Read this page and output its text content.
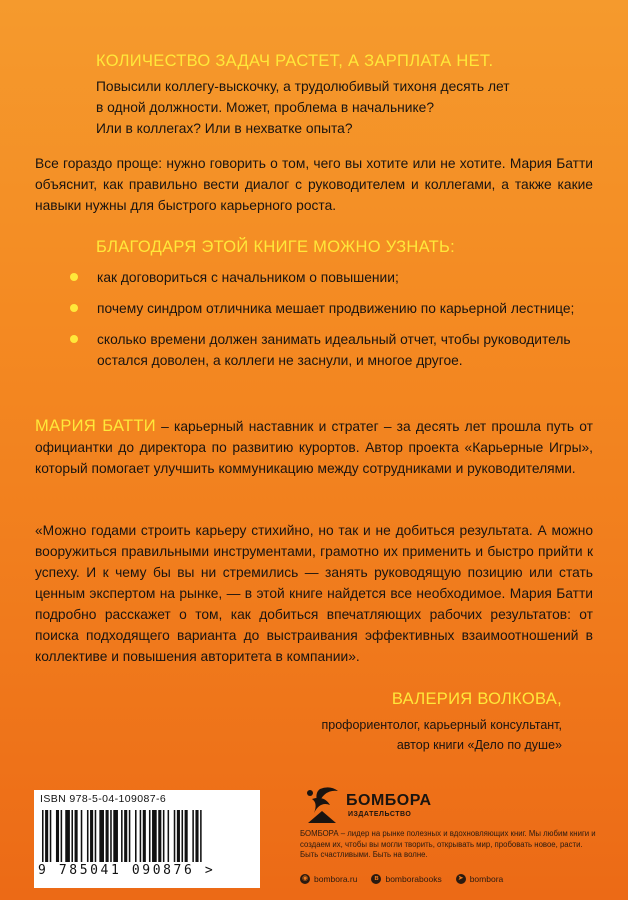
КОЛИЧЕСТВО ЗАДАЧ РАСТЕТ, А ЗАРПЛАТА НЕТ.
Повысили коллегу-выскочку, а трудолюбивый тихоня десять лет
в одной должности. Может, проблема в начальнике?
Или в коллегах? Или в нехватке опыта?
Все гораздо проще: нужно говорить о том, чего вы хотите или не хотите. Мария Батти объяснит, как правильно вести диалог с руководителем и коллегами, а также какие навыки нужны для быстрого карьерного роста.
БЛАГОДАРЯ ЭТОЙ КНИГЕ МОЖНО УЗНАТЬ:
как договориться с начальником о повышении;
почему синдром отличника мешает продвижению по карьерной лестнице;
сколько времени должен занимать идеальный отчет, чтобы руководитель остался доволен, а коллеги не заснули, и многое другое.
МАРИЯ БАТТИ – карьерный наставник и стратег – за десять лет прошла путь от официантки до директора по развитию курортов. Автор проекта «Карьерные Игры», который помогает улучшить коммуникацию между сотрудниками и руководителями.
«Можно годами строить карьеру стихийно, но так и не добиться результата. А можно вооружиться правильными инструментами, грамотно их применить и быстро прийти к успеху. И к чему бы вы ни стремились — занять руководящую позицию или стать ценным экспертом на рынке, — в этой книге найдется все необходимое. Мария Батти подробно расскажет о том, как добиться впечатляющих рабочих результатов: от поиска подходящего варианта до выстраивания эффективных взаимоотношений в коллективе и повышения авторитета в компании».
ВАЛЕРИЯ ВОЛКОВА,
профориентолог, карьерный консультант,
автор книги «Дело по душе»
ISBN 978-5-04-109087-6
9 785041 090876 >
БОМБОРА
ИЗДАТЕЛЬСТВО
БОМБОРА – лидер на рынке полезных и вдохновляющих книг. Мы любим книги и создаем их, чтобы вы могли творить, открывать мир, пробовать новое, расти. Быть счастливыми. Быть на волне.
◉ bombora.ru	в bomborabooks ➤ bombora
